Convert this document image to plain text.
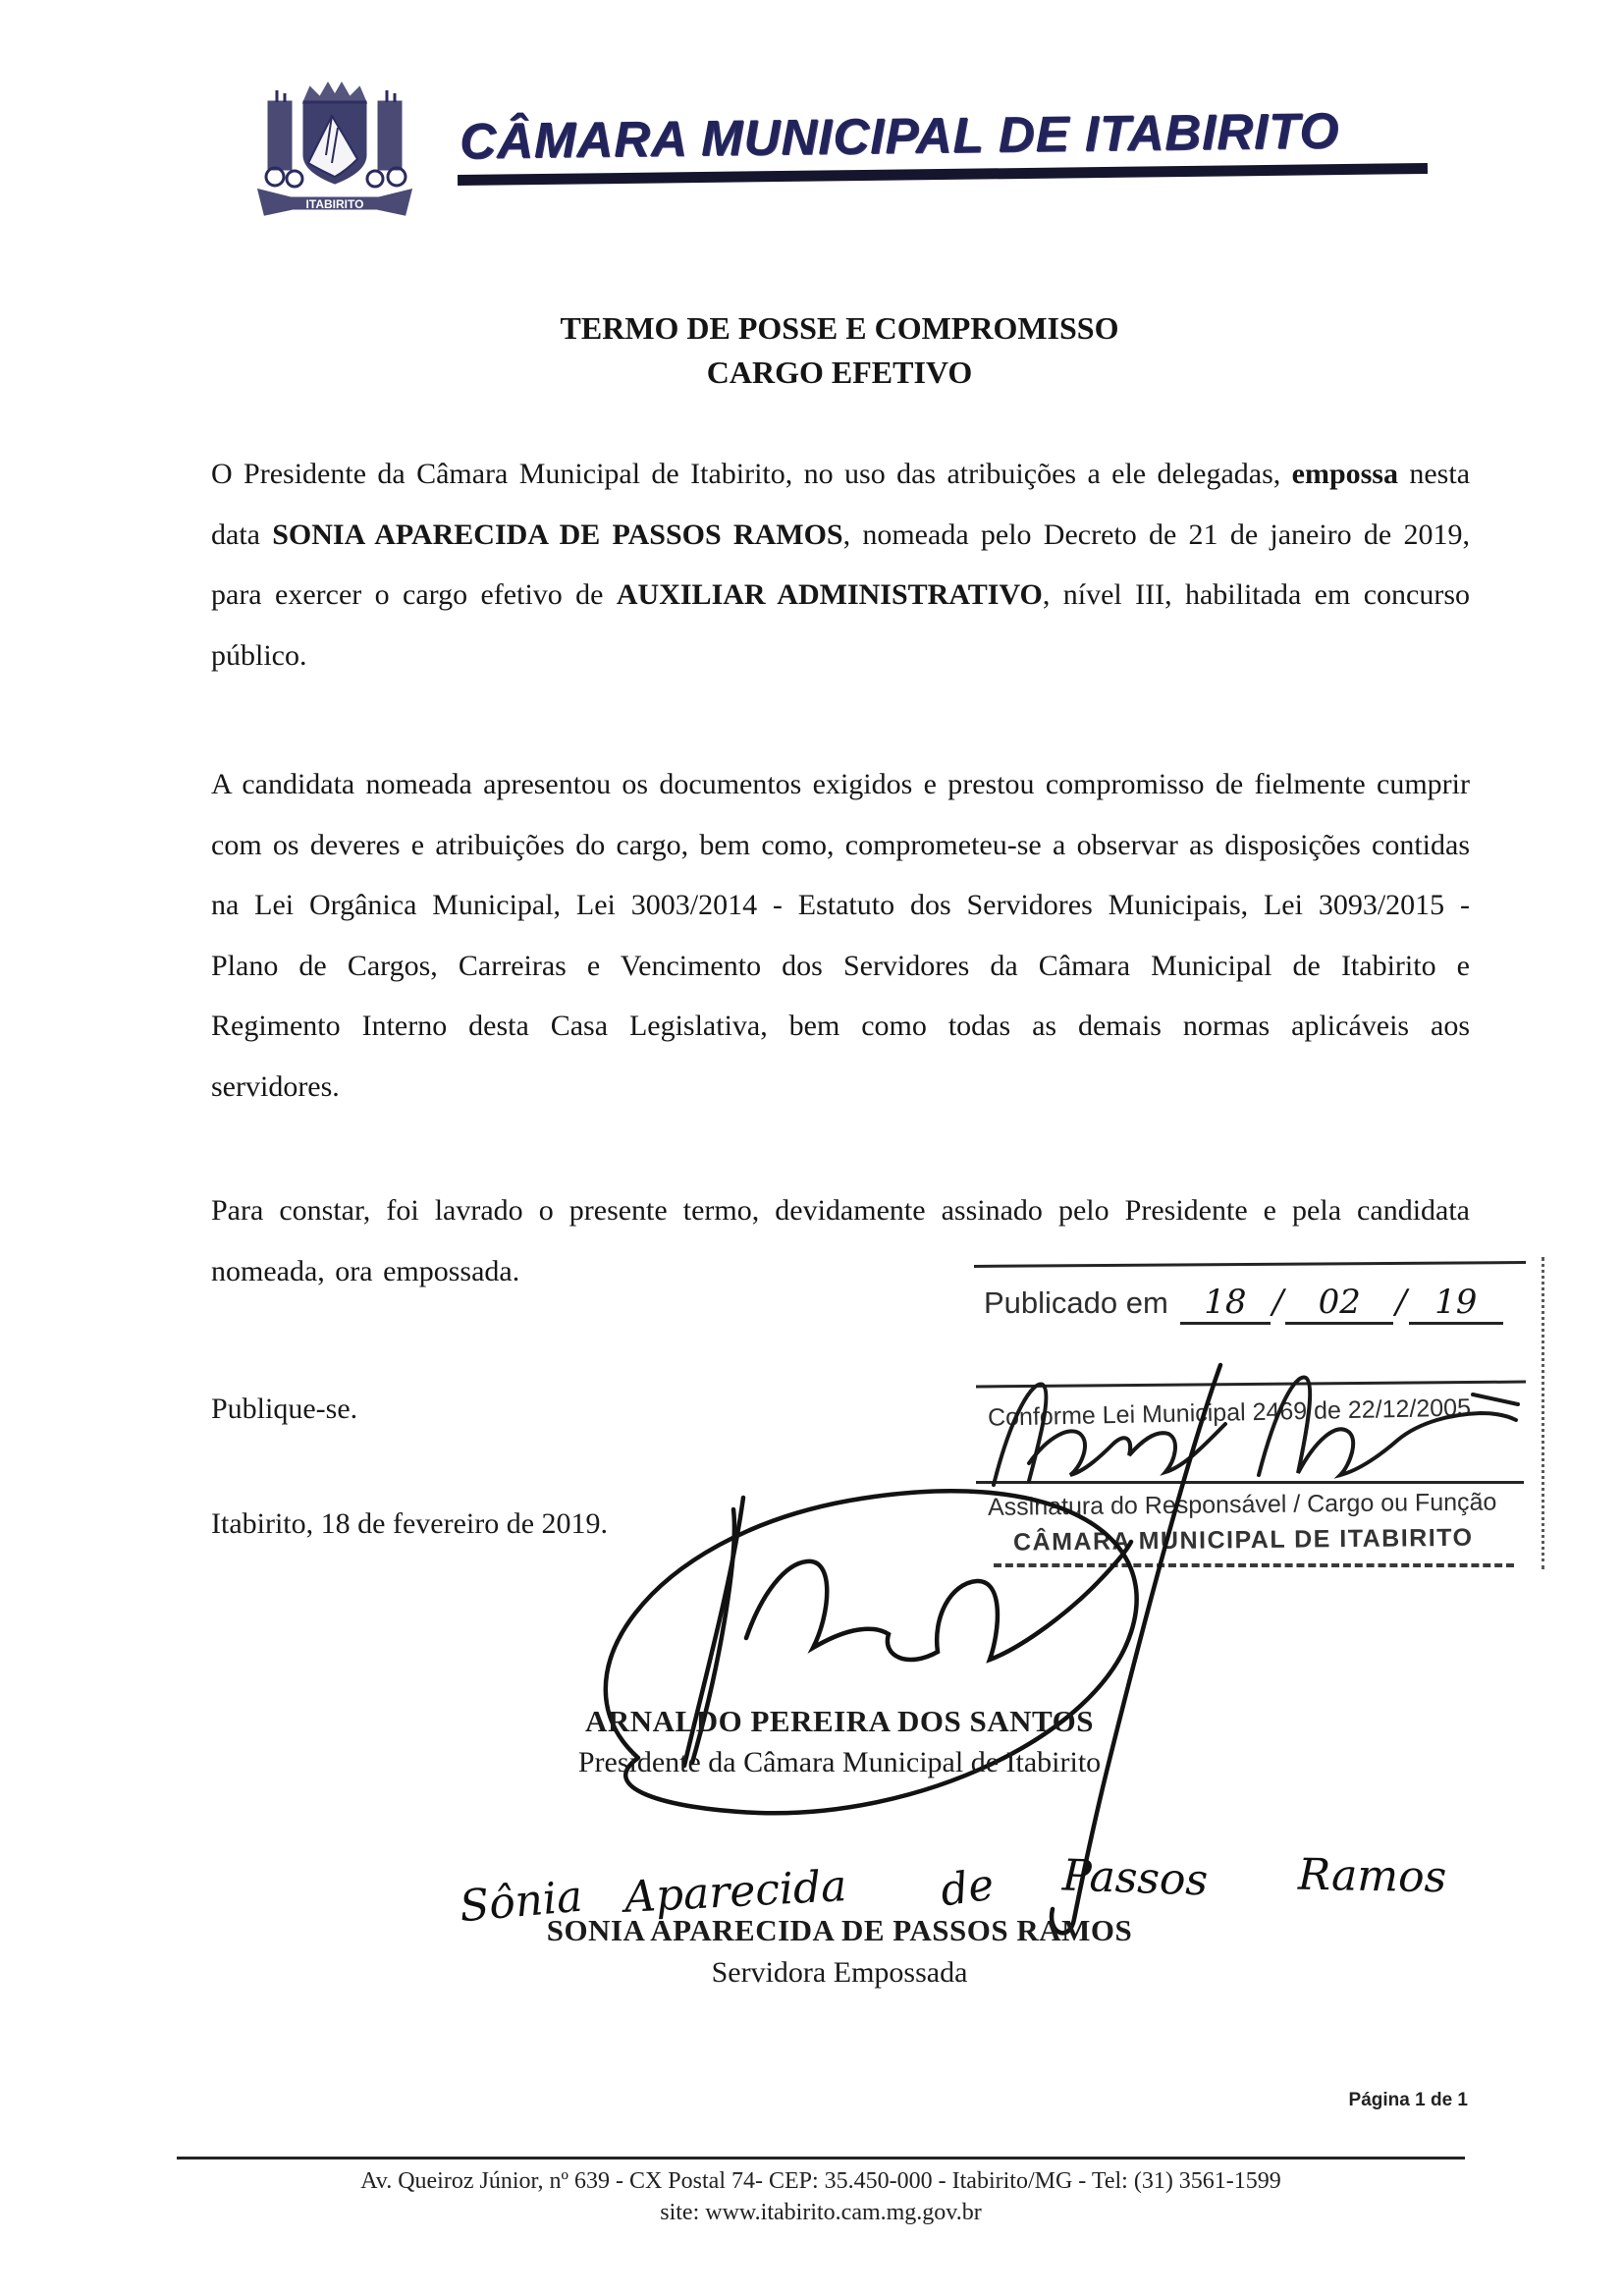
ITABIRITO
CÂMARA MUNICIPAL DE ITABIRITO
TERMO DE POSSE E COMPROMISSO
CARGO EFETIVO
O Presidente da Câmara Municipal de Itabirito, no uso das atribuições a ele delegadas, empossa nesta data SONIA APARECIDA DE PASSOS RAMOS, nomeada pelo Decreto de 21 de janeiro de 2019, para exercer o cargo efetivo de AUXILIAR ADMINISTRATIVO, nível III, habilitada em concurso público.
A candidata nomeada apresentou os documentos exigidos e prestou compromisso de fielmente cumprir com os deveres e atribuições do cargo, bem como, comprometeu-se a observar as disposições contidas na Lei Orgânica Municipal, Lei 3003/2014 - Estatuto dos Servidores Municipais, Lei 3093/2015 - Plano de Cargos, Carreiras e Vencimento dos Servidores da Câmara Municipal de Itabirito e Regimento Interno desta Casa Legislativa, bem como todas as demais normas aplicáveis aos servidores.
Para constar, foi lavrado o presente termo, devidamente assinado pelo Presidente e pela candidata nomeada, ora empossada.
Publique-se.
Itabirito, 18 de fevereiro de 2019.
Publicado em 18 / 02 / 19
Conforme Lei Municipal 2469 de 22/12/2005
Assinatura do Responsável / Cargo ou Função
CÂMARA MUNICIPAL DE ITABIRITO
ARNALDO PEREIRA DOS SANTOS
Presidente da Câmara Municipal de Itabirito
Sônia Aparecida de Passos Ramos
SONIA APARECIDA DE PASSOS RAMOS
Servidora Empossada
Página 1 de 1
Av. Queiroz Júnior, nº 639 - CX Postal 74- CEP: 35.450-000 - Itabirito/MG - Tel: (31) 3561-1599
site: www.itabirito.cam.mg.gov.br
